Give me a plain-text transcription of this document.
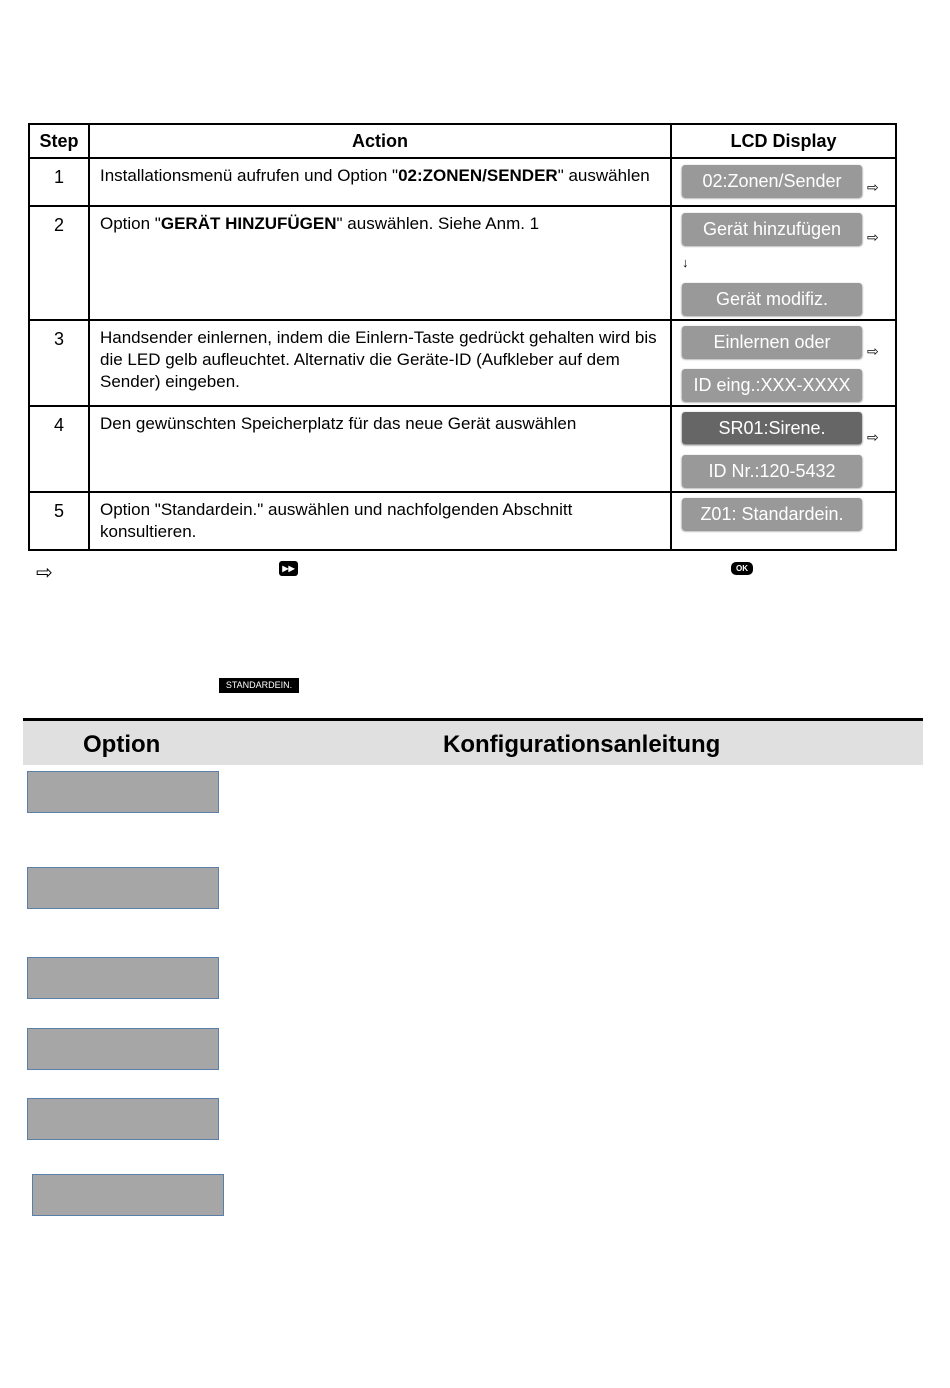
Step	Action	LCD Display
1	Installationsmenü aufrufen und Option "02:ZONEN/SENDER" auswählen	02:Zonen/Sender ⇨

2	Option "GERÄT HINZUFÜGEN" auswählen. Siehe Anm. 1	Gerät hinzufügen ⇨
↓
Gerät modifiz.

3	Handsender einlernen, indem die Einlern-Taste gedrückt gehalten wird bis die LED gelb aufleuchtet. Alternativ die Geräte-ID (Aufkleber auf dem Sender) eingeben.	Einlernen oder ⇨
ID eing.:XXX-XXXX

4	Den gewünschten Speicherplatz für das neue Gerät auswählen	SR01:Sirene. ⇨
ID Nr.:120-5432

5	Option "Standardein." auswählen und nachfolgenden Abschnitt konsultieren.	Z01: Standardein.
⇨	▶▶	OK
STANDARDEIN.
Option	Konfigurationsanleitung
